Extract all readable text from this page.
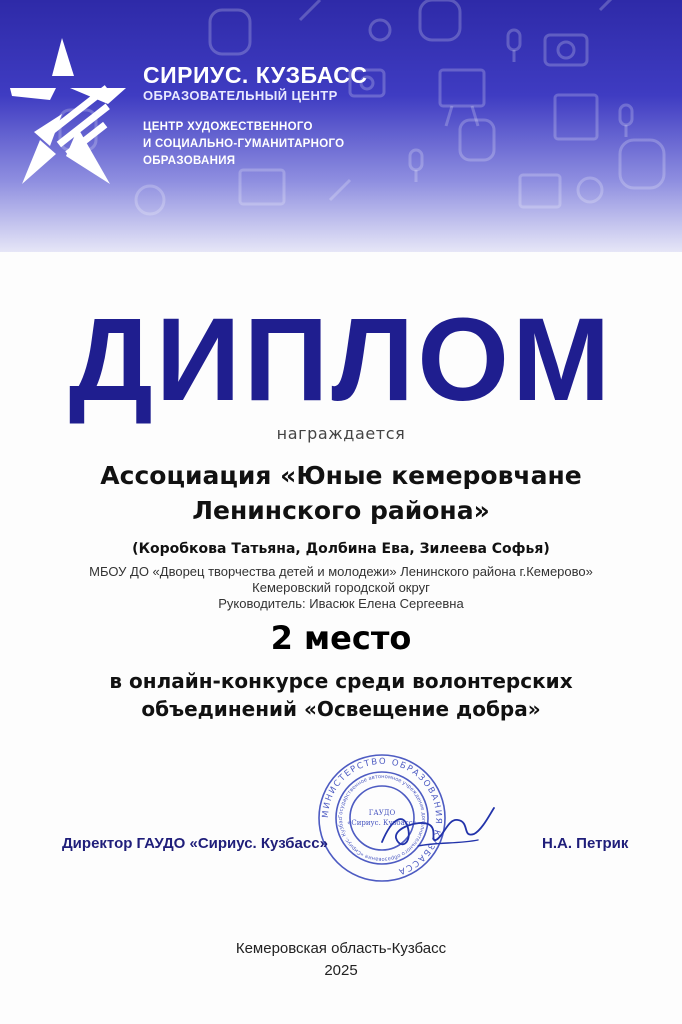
СИРИУС. КУЗБАСС
ОБРАЗОВАТЕЛЬНЫЙ ЦЕНТР
ЦЕНТР ХУДОЖЕСТВЕННОГО
И СОЦИАЛЬНО-ГУМАНИТАРНОГО
ОБРАЗОВАНИЯ
ДИПЛОМ
награждается
Ассоциация «Юные кемеровчане
Ленинского района»
(Коробкова Татьяна, Долбина Ева, Зилеева Софья)
МБОУ ДО «Дворец творчества детей и молодежи» Ленинского района г.Кемерово»
Кемеровский городской округ
Руководитель: Ивасюк Елена Сергеевна
2 место
в онлайн-конкурсе среди волонтерских
объединений «Освещение добра»
МИНИСТЕРСТВО ОБРАЗОВАНИЯ КУЗБАССА
Государственное автономное учреждение дополнительного образования «Сириус. Кузбас
ГАУДО
«Сириус. Кузбасс»
Директор ГАУДО «Сириус. Кузбасс»	Н.А. Петрик
Кемеровская область-Кузбасс
2025
